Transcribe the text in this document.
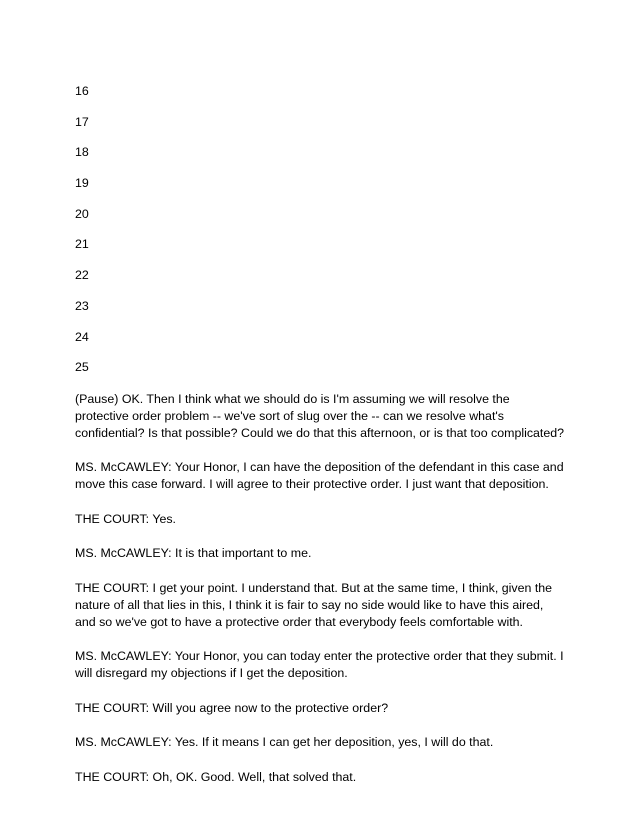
16
17
18
19
20
21
22
23
24
25

(Pause) OK. Then I think what we should do is I'm assuming we will resolve the protective order problem -- we've sort of slug over the -- can we resolve what's confidential? Is that possible? Could we do that this afternoon, or is that too complicated?

MS. McCAWLEY: Your Honor, I can have the deposition of the defendant in this case and move this case forward. I will agree to their protective order. I just want that deposition.

THE COURT: Yes.

MS. McCAWLEY: It is that important to me.

THE COURT: I get your point. I understand that. But at the same time, I think, given the nature of all that lies in this, I think it is fair to say no side would like to have this aired, and so we've got to have a protective order that everybody feels comfortable with.

MS. McCAWLEY: Your Honor, you can today enter the protective order that they submit. I will disregard my objections if I get the deposition.

THE COURT: Will you agree now to the protective order?

MS. McCAWLEY: Yes. If it means I can get her deposition, yes, I will do that.

THE COURT: Oh, OK. Good. Well, that solved that.
